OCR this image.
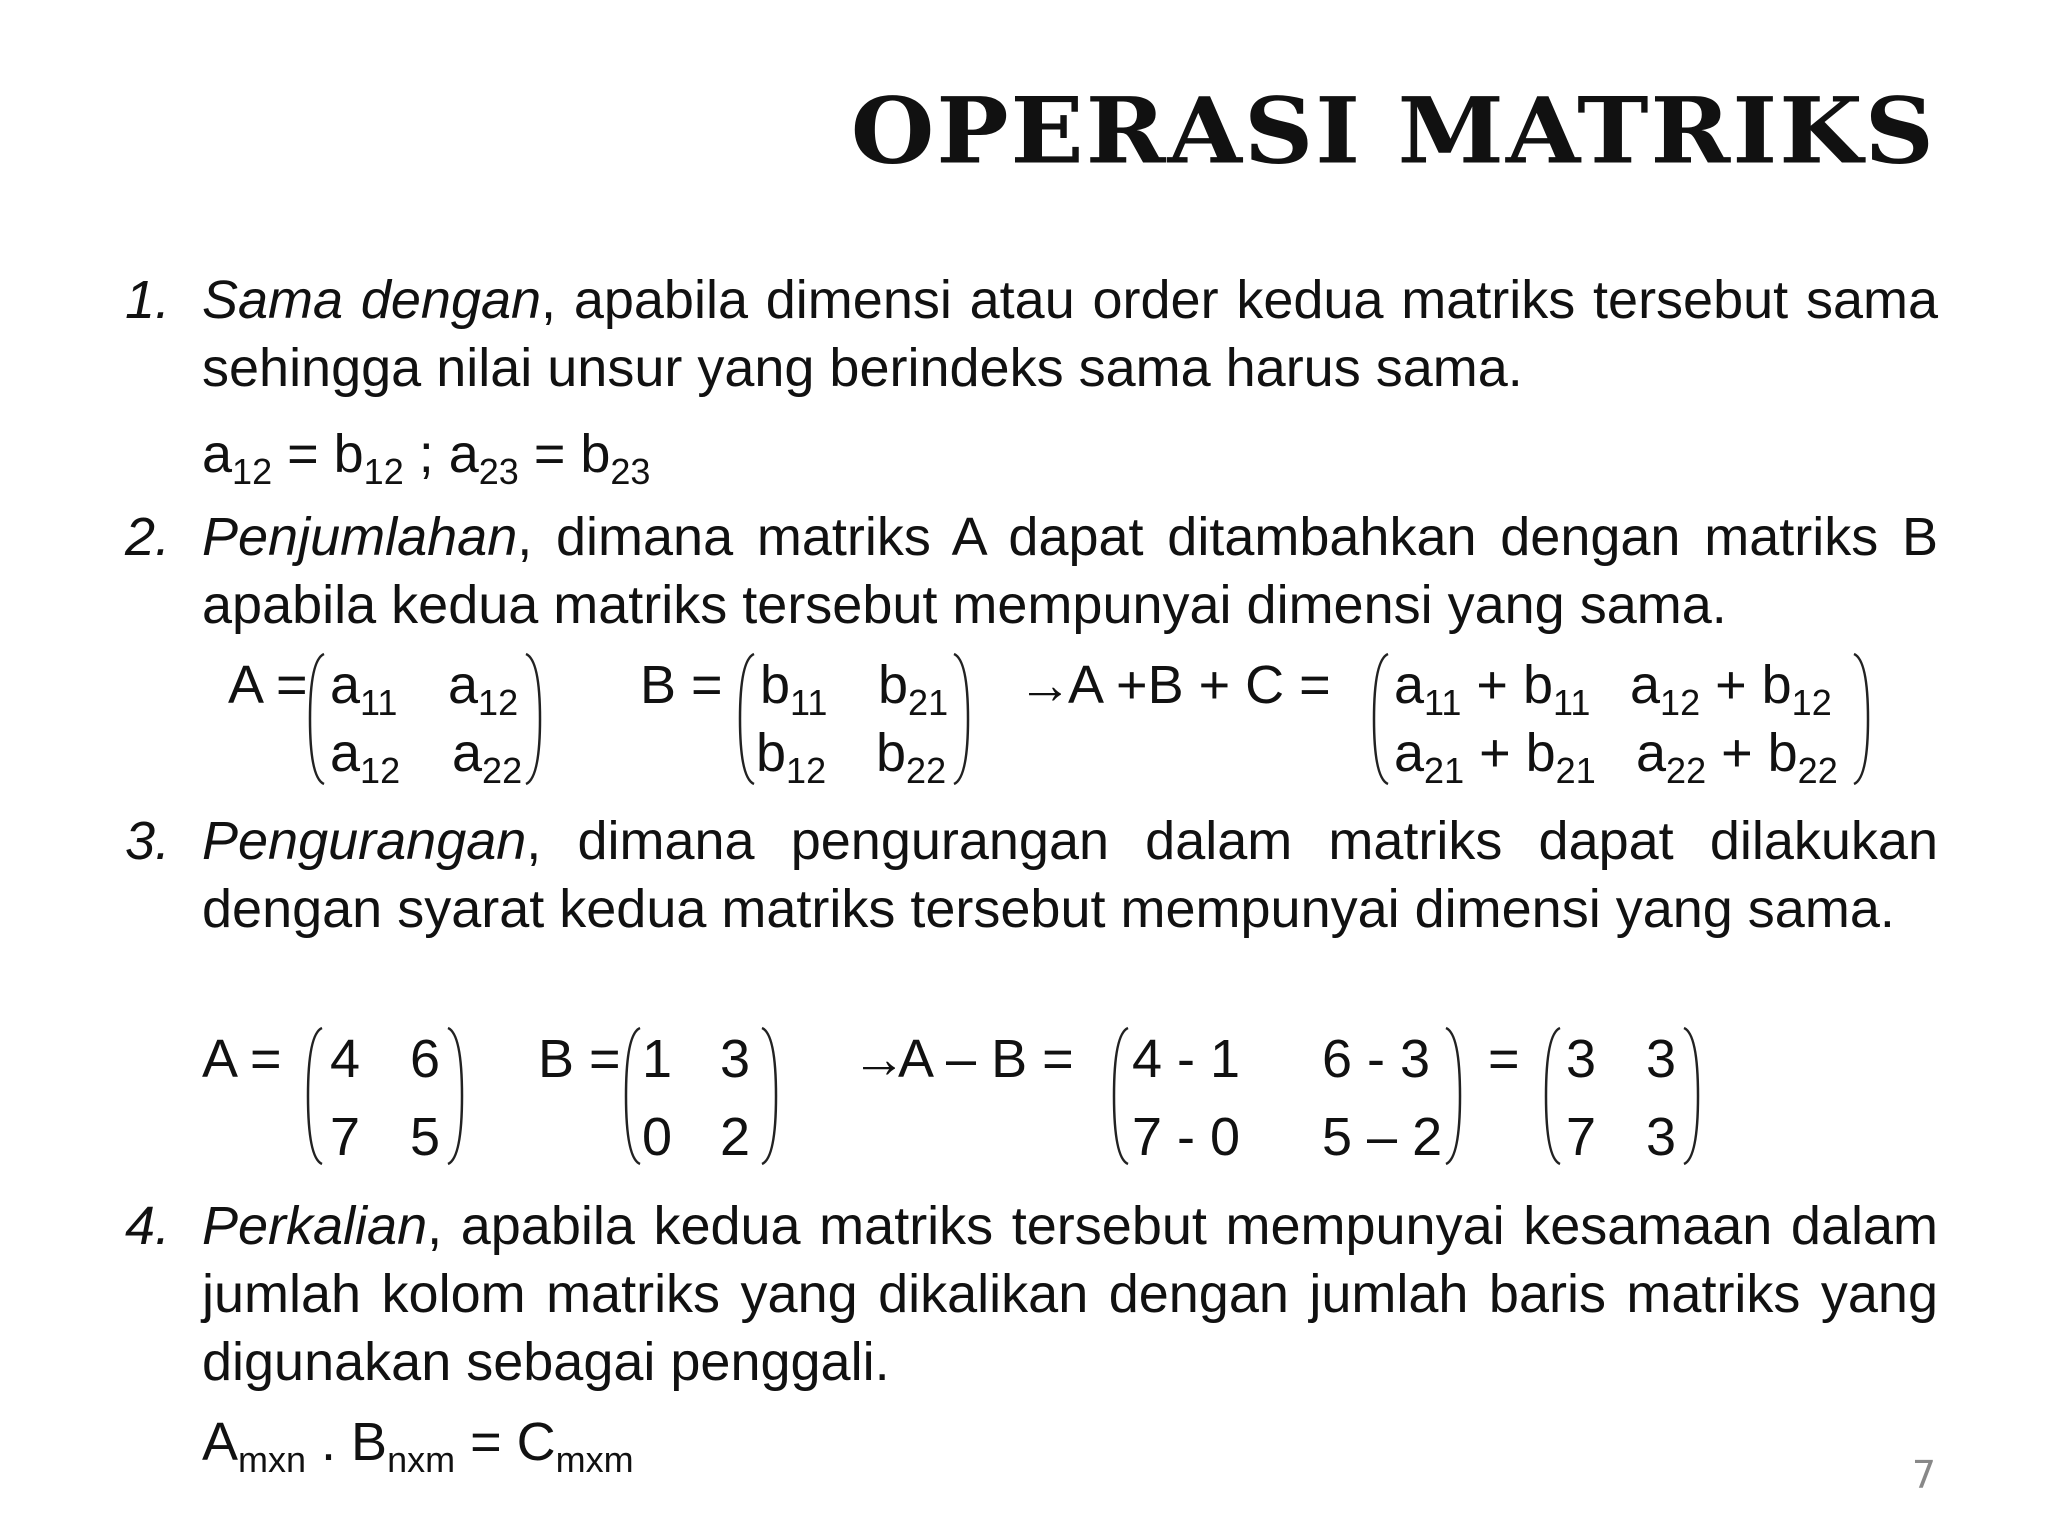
OPERASI MATRIKS
1. Sama dengan, apabila dimensi atau order kedua matriks tersebut sama sehingga nilai unsur yang berindeks sama harus sama.
$a_{12} = b_{12}$ ; $a_{23} = b_{23}$
2. Penjumlahan, dimana matriks A dapat ditambahkan dengan matriks B apabila kedua matriks tersebut mempunyai dimensi yang sama.
$A = a_{11}$ $a_{12}$
$a_{12}$ $a_{22}$
$B = b_{11}$ $b_{21}$
$b_{12}$ $b_{22}$
→
$A +B + C = a_{11} + b_{11}$ $a_{12} + b_{12}$
$a_{21} + b_{21}$ $a_{22} + b_{22}$
3. Pengurangan, dimana pengurangan dalam matriks dapat dilakukan dengan syarat kedua matriks tersebut mempunyai dimensi yang sama.
A = 4 6
7 5
B = 1 3
0 2
→
A – B = 4 - 1 6 - 3
7 - 0 5 – 2
= 3 3
7 3
4. Perkalian, apabila kedua matriks tersebut mempunyai kesamaan dalam jumlah kolom matriks yang dikalikan dengan jumlah baris matriks yang digunakan sebagai penggali.
$A_{mxn}$ . $B_{nxm} = C_{mxm}$	7
